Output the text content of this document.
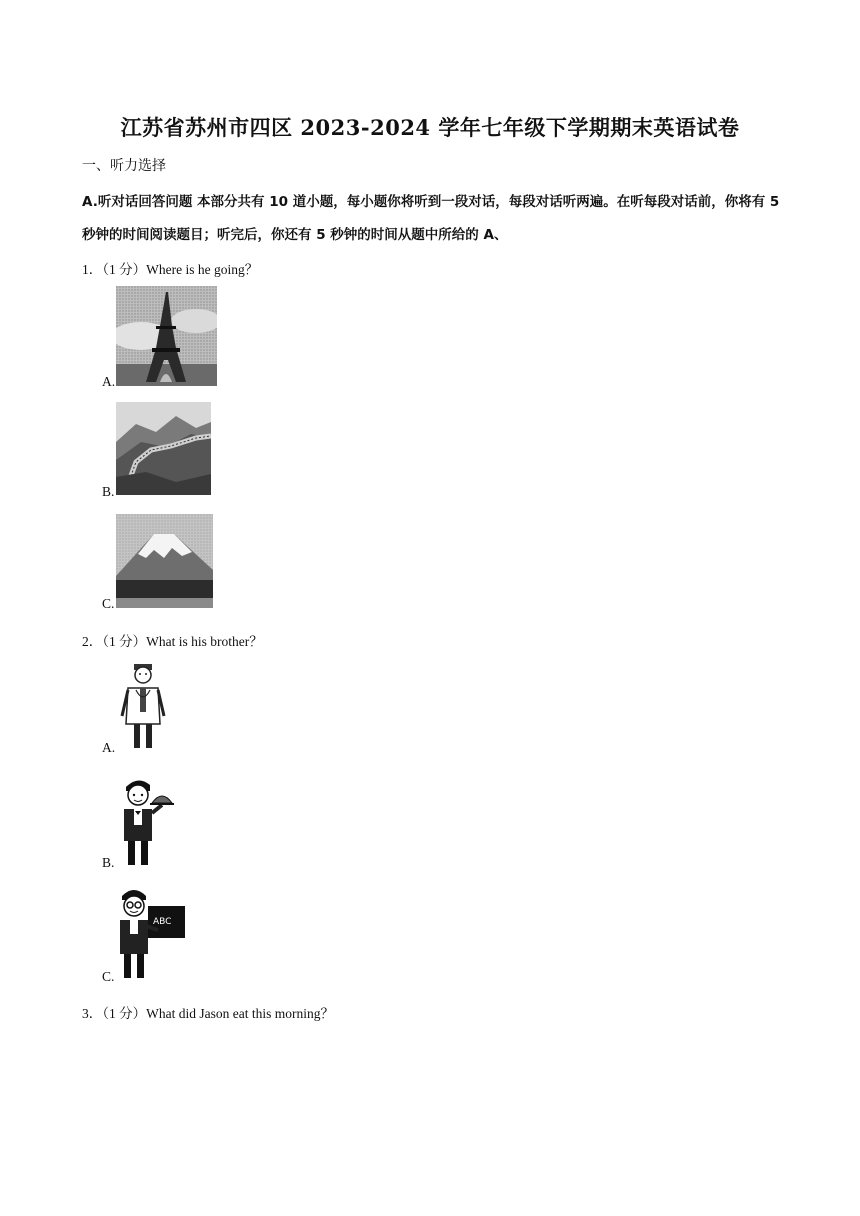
江苏省苏州市四区 2023-2024 学年七年级下学期期末英语试卷
一、听力选择
A.听对话回答问题 本部分共有 10 道小题，每小题你将听到一段对话，每段对话听两遍。在听每段对话前，你将有 5 秒钟的时间阅读题目；听完后，你还有 5 秒钟的时间从题中所给的 A、
1．（1 分）Where is he going？
A.
B.
C.
2．（1 分）What is his brother？
A.
B.
C.
ABC
3．（1 分）What did Jason eat this morning？
